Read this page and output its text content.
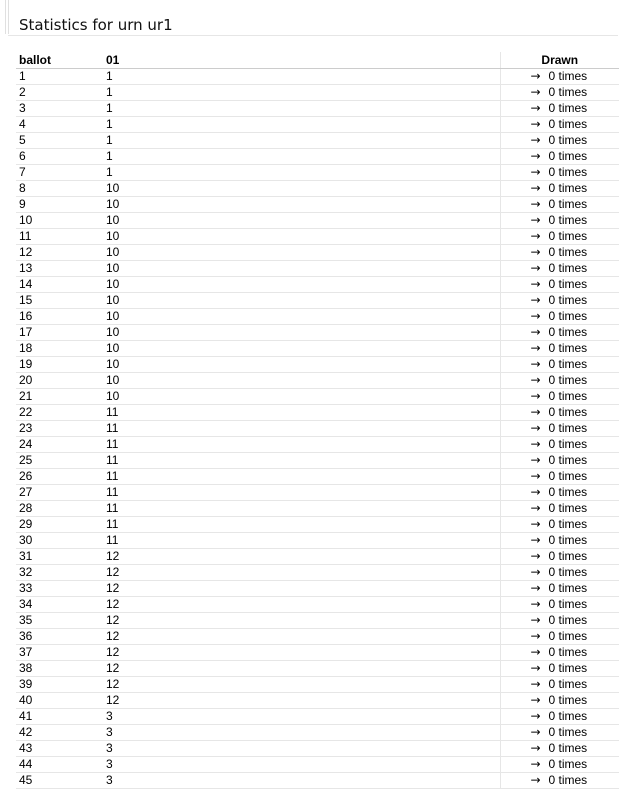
Statistics for urn ur1
ballot	01	Drawn
1	1	→ 0 times
2	1	→ 0 times
3	1	→ 0 times
4	1	→ 0 times
5	1	→ 0 times
6	1	→ 0 times
7	1	→ 0 times
8	10	→ 0 times
9	10	→ 0 times
10	10	→ 0 times
11	10	→ 0 times
12	10	→ 0 times
13	10	→ 0 times
14	10	→ 0 times
15	10	→ 0 times
16	10	→ 0 times
17	10	→ 0 times
18	10	→ 0 times
19	10	→ 0 times
20	10	→ 0 times
21	10	→ 0 times
22	11	→ 0 times
23	11	→ 0 times
24	11	→ 0 times
25	11	→ 0 times
26	11	→ 0 times
27	11	→ 0 times
28	11	→ 0 times
29	11	→ 0 times
30	11	→ 0 times
31	12	→ 0 times
32	12	→ 0 times
33	12	→ 0 times
34	12	→ 0 times
35	12	→ 0 times
36	12	→ 0 times
37	12	→ 0 times
38	12	→ 0 times
39	12	→ 0 times
40	12	→ 0 times
41	3	→ 0 times
42	3	→ 0 times
43	3	→ 0 times
44	3	→ 0 times
45	3	→ 0 times
